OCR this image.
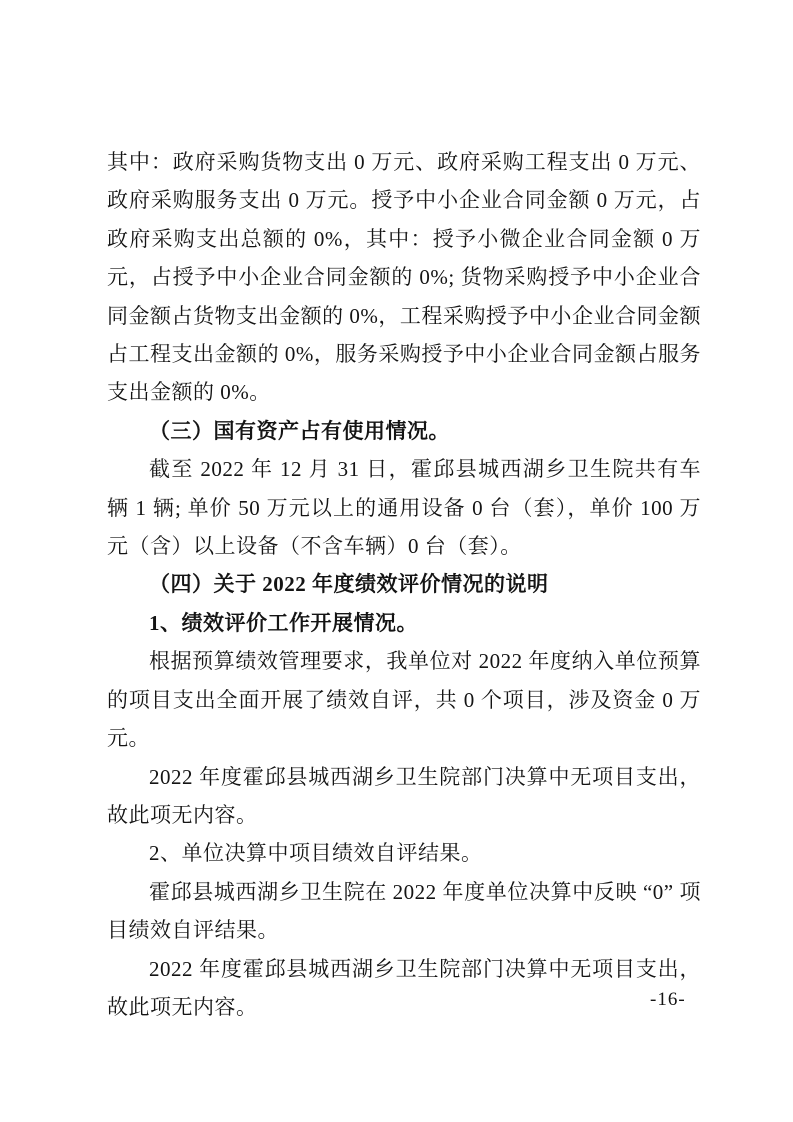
其中：政府采购货物支出 0 万元、政府采购工程支出 0 万元、政府采购服务支出 0 万元。授予中小企业合同金额 0 万元，占政府采购支出总额的 0%，其中：授予小微企业合同金额 0 万元，占授予中小企业合同金额的 0%; 货物采购授予中小企业合同金额占货物支出金额的 0%，工程采购授予中小企业合同金额占工程支出金额的 0%，服务采购授予中小企业合同金额占服务支出金额的 0%。

（三）国有资产占有使用情况。

截至 2022 年 12 月 31 日，霍邱县城西湖乡卫生院共有车辆 1 辆; 单价 50 万元以上的通用设备 0 台（套），单价 100 万元（含）以上设备（不含车辆）0 台（套）。

（四）关于 2022 年度绩效评价情况的说明

1、绩效评价工作开展情况。

根据预算绩效管理要求，我单位对 2022 年度纳入单位预算的项目支出全面开展了绩效自评，共 0 个项目，涉及资金 0 万元。

2022 年度霍邱县城西湖乡卫生院部门决算中无项目支出，故此项无内容。

2、单位决算中项目绩效自评结果。

霍邱县城西湖乡卫生院在 2022 年度单位决算中反映 “0” 项目绩效自评结果。

2022 年度霍邱县城西湖乡卫生院部门决算中无项目支出，故此项无内容。	-16-
